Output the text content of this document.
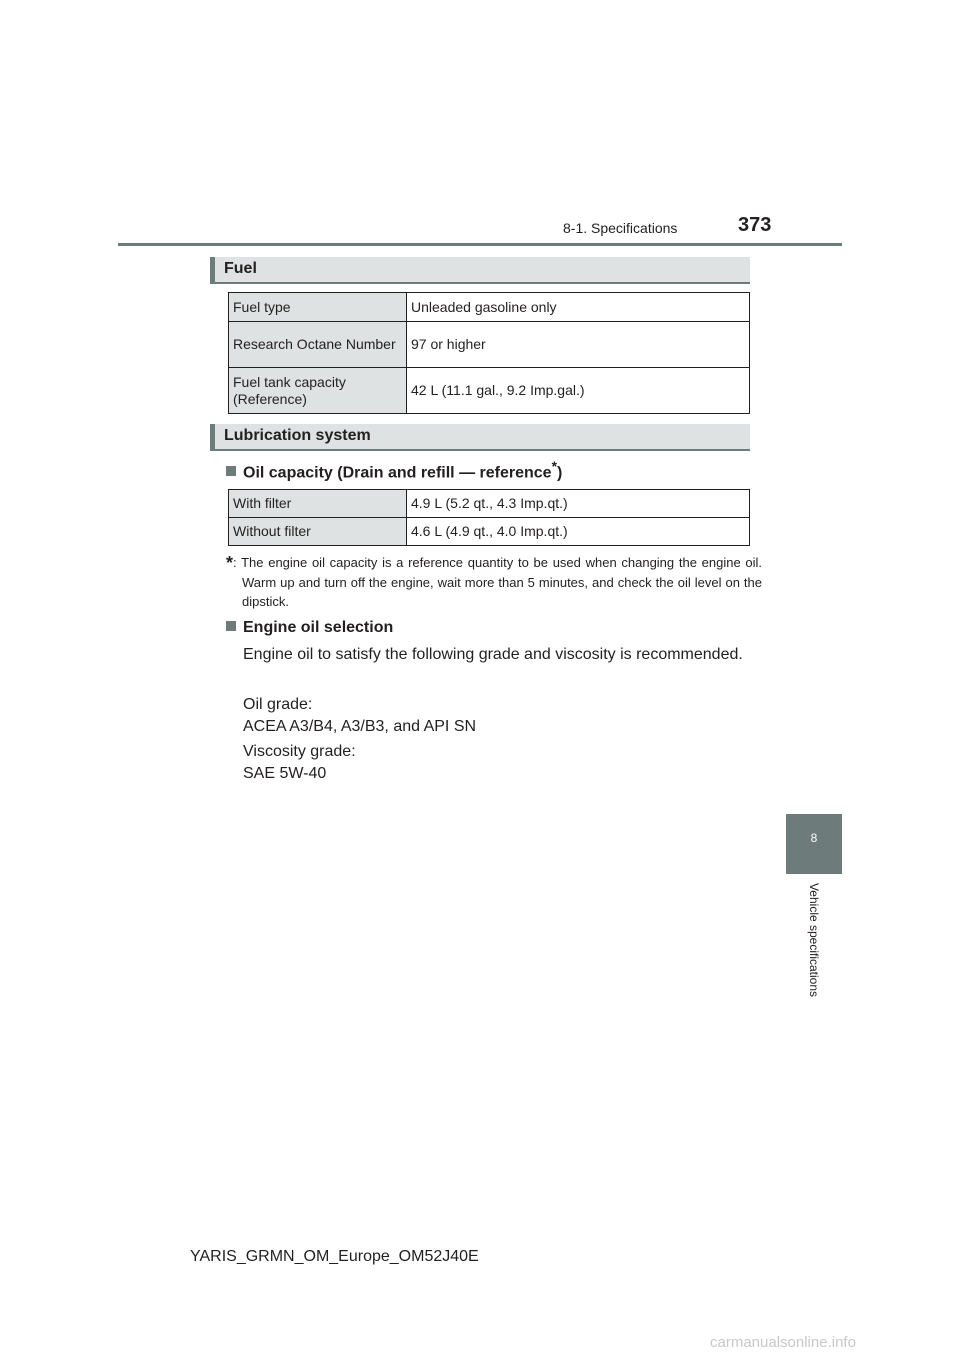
8-1. Specifications	373
8
Vehicle specifications
Fuel
Fuel type	Unleaded gasoline only
Research Octane Number	97 or higher
Fuel tank capacity (Reference)	42 L (11.1 gal., 9.2 Imp.gal.)
Lubrication system
Oil capacity (Drain and refill — reference*)
With filter	4.9 L (5.2 qt., 4.3 Imp.qt.)
Without filter	4.6 L (4.9 qt., 4.0 Imp.qt.)
*: The engine oil capacity is a reference quantity to be used when changing the engine oil. Warm up and turn off the engine, wait more than 5 minutes, and check the oil level on the dipstick.
Engine oil selection
Engine oil to satisfy the following grade and viscosity is recommended.
Oil grade:
ACEA A3/B4, A3/B3, and API SN
Viscosity grade:
SAE 5W-40
YARIS_GRMN_OM_Europe_OM52J40E
carmanualsonline.info
